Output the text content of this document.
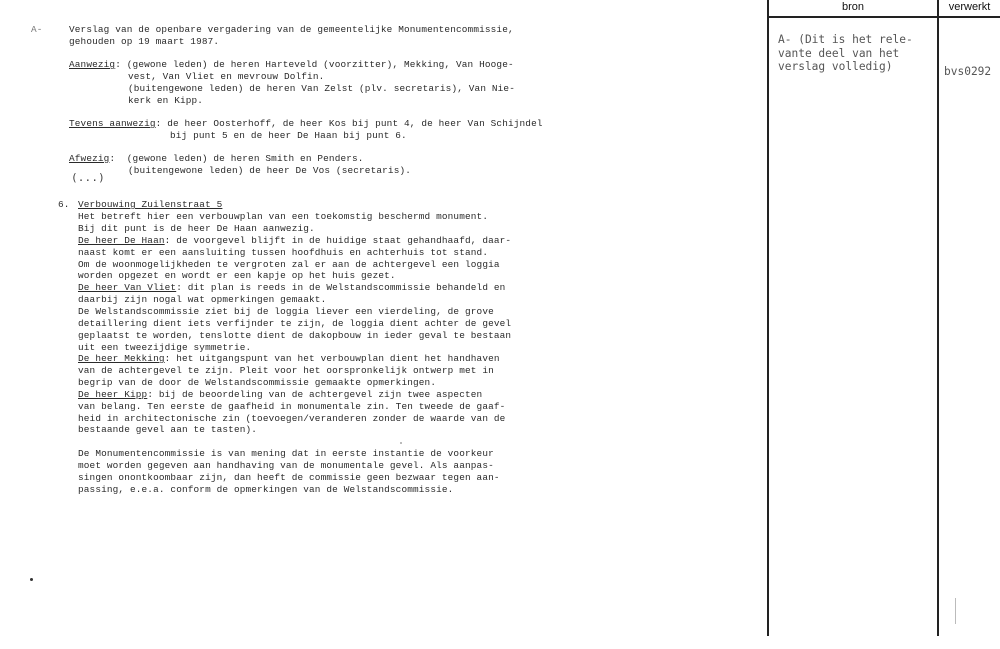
A-	Verslag van de openbare vergadering van de gemeentelijke Monumentencommissie,
gehouden op 19 maart 1987.
Aanwezig: (gewone leden) de heren Harteveld (voorzitter), Mekking, Van Hooge-
vest, Van Vliet en mevrouw Dolfin.
(buitengewone leden) de heren Van Zelst (plv. secretaris), Van Nie-
kerk en Kipp.
Tevens aanwezig: de heer Oosterhoff, de heer Kos bij punt 4, de heer Van Schijndel
bij punt 5 en de heer De Haan bij punt 6.
Afwezig:  (gewone leden) de heren Smith en Penders.
(buitengewone leden) de heer De Vos (secretaris).
(...)
6. Verbouwing Zuilenstraat 5
Het betreft hier een verbouwplan van een toekomstig beschermd monument.
Bij dit punt is de heer De Haan aanwezig.
De heer De Haan: de voorgevel blijft in de huidige staat gehandhaafd, daar-
naast komt er een aansluiting tussen hoofdhuis en achterhuis tot stand.
Om de woonmogelijkheden te vergroten zal er aan de achtergevel een loggia
worden opgezet en wordt er een kapje op het huis gezet.
De heer Van Vliet: dit plan is reeds in de Welstandscommissie behandeld en
daarbij zijn nogal wat opmerkingen gemaakt.
De Welstandscommissie ziet bij de loggia liever een vierdeling, de grove
detaillering dient iets verfijnder te zijn, de loggia dient achter de gevel
geplaatst te worden, tenslotte dient de dakopbouw in ieder geval te bestaan
uit een tweezijdige symmetrie.
De heer Mekking: het uitgangspunt van het verbouwplan dient het handhaven
van de achtergevel te zijn. Pleit voor het oorspronkelijk ontwerp met in
begrip van de door de Welstandscommissie gemaakte opmerkingen.
De heer Kipp: bij de beoordeling van de achtergevel zijn twee aspecten
van belang. Ten eerste de gaafheid in monumentale zin. Ten tweede de gaaf-
heid in architectonische zin (toevoegen/veranderen zonder de waarde van de
bestaande gevel aan te tasten).
De Monumentencommissie is van mening dat in eerste instantie de voorkeur
moet worden gegeven aan handhaving van de monumentale gevel. Als aanpas-
singen onontkoombaar zijn, dan heeft de commissie geen bezwaar tegen aan-
passing, e.e.a. conform de opmerkingen van de Welstandscommissie.
bron	verwerkt
A- (Dit is het rele-
vante deel van het
verslag volledig)	bvs0292
